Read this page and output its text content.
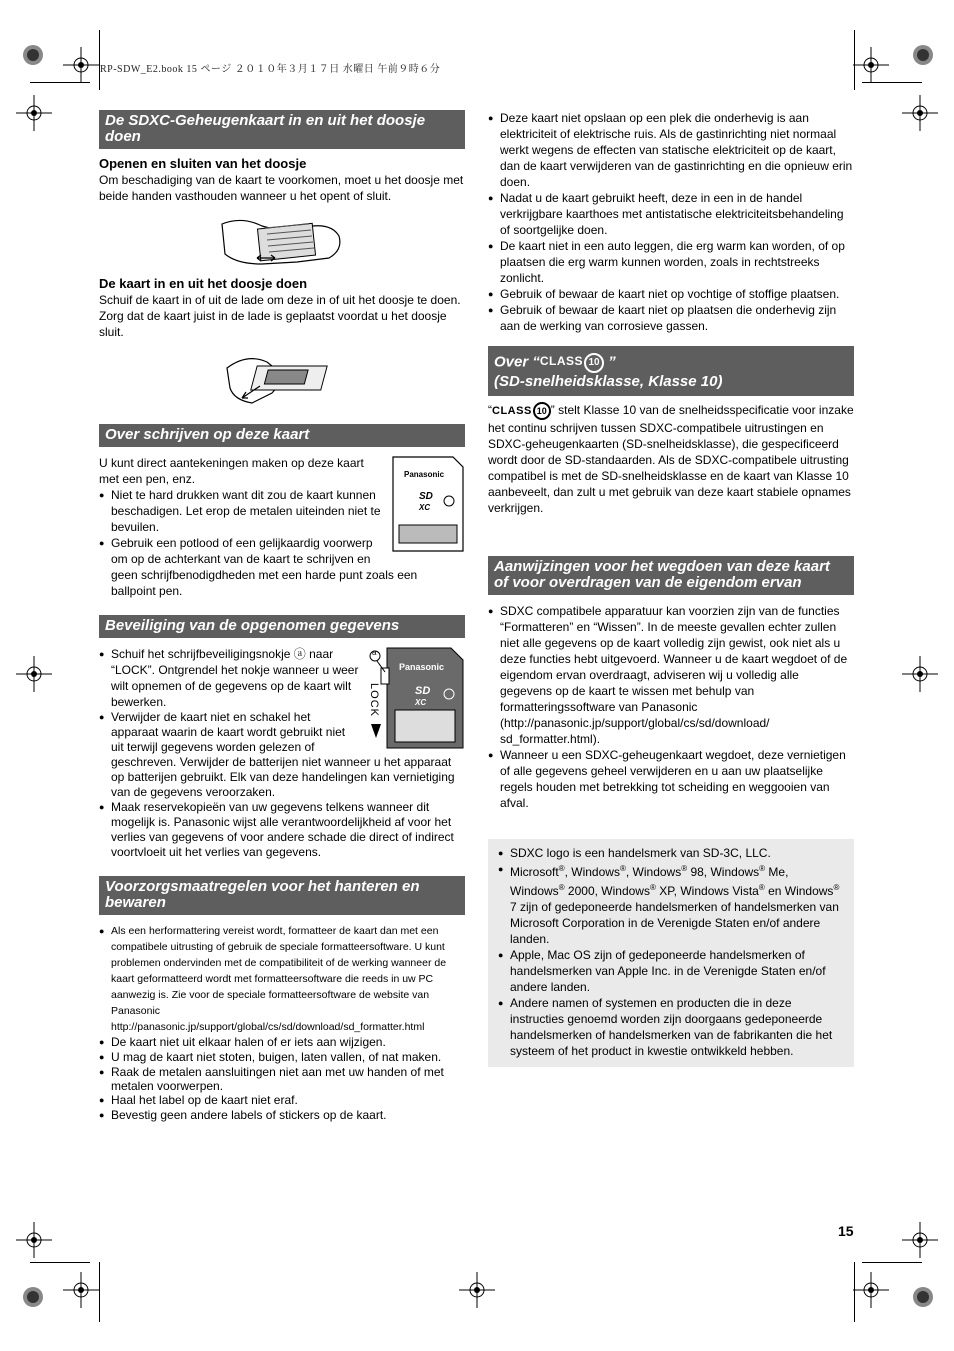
RP-SDW_E2.book 15 ページ ２０１０年３月１７日 水曜日 午前９時６分
De SDXC-Geheugenkaart in en uit het doosje doen
Openen en sluiten van het doosje

Om beschadiging van de kaart te voorkomen, moet u het doosje met beide handen vasthouden wanneer u het opent of sluit.

De kaart in en uit het doosje doen

Schuif de kaart in of uit de lade om deze in of uit het doosje te doen. Zorg dat de kaart juist in de lade is geplaatst voordat u het doosje sluit.

Over schrijven op deze kaart
Panasonic
SD
XC

U kunt direct aantekeningen maken op deze kaart met een pen, enz.

● Niet te hard drukken want dit zou de kaart kunnen beschadigen. Let erop de metalen uiteinden niet te bevuilen.
● Gebruik een potlood of een gelijkaardig voorwerp om op de achterkant van de kaart te schrijven en geen schrijfbenodigdheden met een harde punt zoals een ballpoint pen.
Beveiliging van de opgenomen gegevens
Panasonic
SD
XC
a
LOCK
● Schuif het schrijfbeveiligingsnokje ⓐ naar “LOCK”. Ontgrendel het nokje wanneer u weer wilt opnemen of de gegevens op de kaart wilt bewerken.
● Verwijder de kaart niet en schakel het apparaat waarin de kaart wordt gebruikt niet uit terwijl gegevens worden gelezen of geschreven. Verwijder de batterijen niet wanneer u het apparaat op batterijen gebruikt. Elk van deze handelingen kan vernietiging van de gegevens veroorzaken.
● Maak reservekopieën van uw gegevens telkens wanneer dit mogelijk is. Panasonic wijst alle verantwoordelijkheid af voor het verlies van gegevens of voor andere schade die direct of indirect voortvloeit uit het verlies van gegevens.
Voorzorgsmaatregelen voor het hanteren en bewaren
● Als een herformattering vereist wordt, formatteer de kaart dan met een compatibele uitrusting of gebruik de speciale formatteersoftware. U kunt problemen ondervinden met de compatibiliteit of de werking wanneer de kaart geformatteerd wordt met formatteersoftware die reeds in uw PC aanwezig is. Zie voor de speciale formatteersoftware de website van Panasonic http://panasonic.jp/support/global/cs/sd/download/sd_formatter.html
● De kaart niet uit elkaar halen of er iets aan wijzigen.
● U mag de kaart niet stoten, buigen, laten vallen, of nat maken.
● Raak de metalen aansluitingen niet aan met uw handen of met metalen voorwerpen.
● Haal het label op de kaart niet eraf.
● Bevestig geen andere labels of stickers op de kaart.
● Deze kaart niet opslaan op een plek die onderhevig is aan elektriciteit of elektrische ruis. Als de gastinrichting niet normaal werkt wegens de effecten van statische elektriciteit op de kaart, dan de kaart verwijderen van de gastinrichting en die opnieuw erin doen.
● Nadat u de kaart gebruikt heeft, deze in een in de handel verkrijgbare kaarthoes met antistatische elektriciteitsbehandeling of soortgelijke doen.
● De kaart niet in een auto leggen, die erg warm kan worden, of op plaatsen die erg warm kunnen worden, zoals in rechtstreeks zonlicht.
● Gebruik of bewaar de kaart niet op vochtige of stoffige plaatsen.
● Gebruik of bewaar de kaart niet op plaatsen die onderhevig zijn aan de werking van corrosieve gassen.
Over “CLASS 10 ”
(SD-snelheidsklasse, Klasse 10)

“CLASS 10 ” stelt Klasse 10 van de snelheidsspecificatie voor inzake het continu schrijven tussen SDXC-compatibele uitrustingen en SDXC-geheugenkaarten (SD-snelheidsklasse), die gespecificeerd wordt door de SD-standaarden. Als de SDXC-compatibele uitrusting compatibel is met de SD-snelheidsklasse en de kaart van Klasse 10 aanbeveelt, dan zult u met gebruik van deze kaart stabiele opnames verkrijgen.

Aanwijzingen voor het wegdoen van deze kaart of voor overdragen van de eigendom ervan
● SDXC compatibele apparatuur kan voorzien zijn van de functies “Formatteren” en “Wissen”. In de meeste gevallen echter zullen niet alle gegevens op de kaart volledig zijn gewist, ook niet als u deze functies hebt uitgevoerd. Wanneer u de kaart wegdoet of de eigendom ervan overdraagt, adviseren wij u volledig alle gegevens op de kaart te wissen met behulp van formatteringssoftware van Panasonic (http://panasonic.jp/support/global/cs/sd/download/ sd_formatter.html).
● Wanneer u een SDXC-geheugenkaart wegdoet, deze vernietigen of alle gegevens geheel verwijderen en u aan uw plaatselijke regels houden met betrekking tot scheiding en weggooien van afval.
● SDXC logo is een handelsmerk van SD-3C, LLC.
● Microsoft®, Windows®, Windows® 98, Windows® Me, Windows® 2000, Windows® XP, Windows Vista® en Windows® 7 zijn of gedeponeerde handelsmerken of handelsmerken van Microsoft Corporation in de Verenigde Staten en/of andere landen.
● Apple, Mac OS zijn of gedeponeerde handelsmerken of handelsmerken van Apple Inc. in de Verenigde Staten en/of andere landen.
● Andere namen of systemen en producten die in deze instructies genoemd worden zijn doorgaans gedeponeerde handelsmerken of handelsmerken van de fabrikanten die het systeem of het product in kwestie ontwikkeld hebben.
15
